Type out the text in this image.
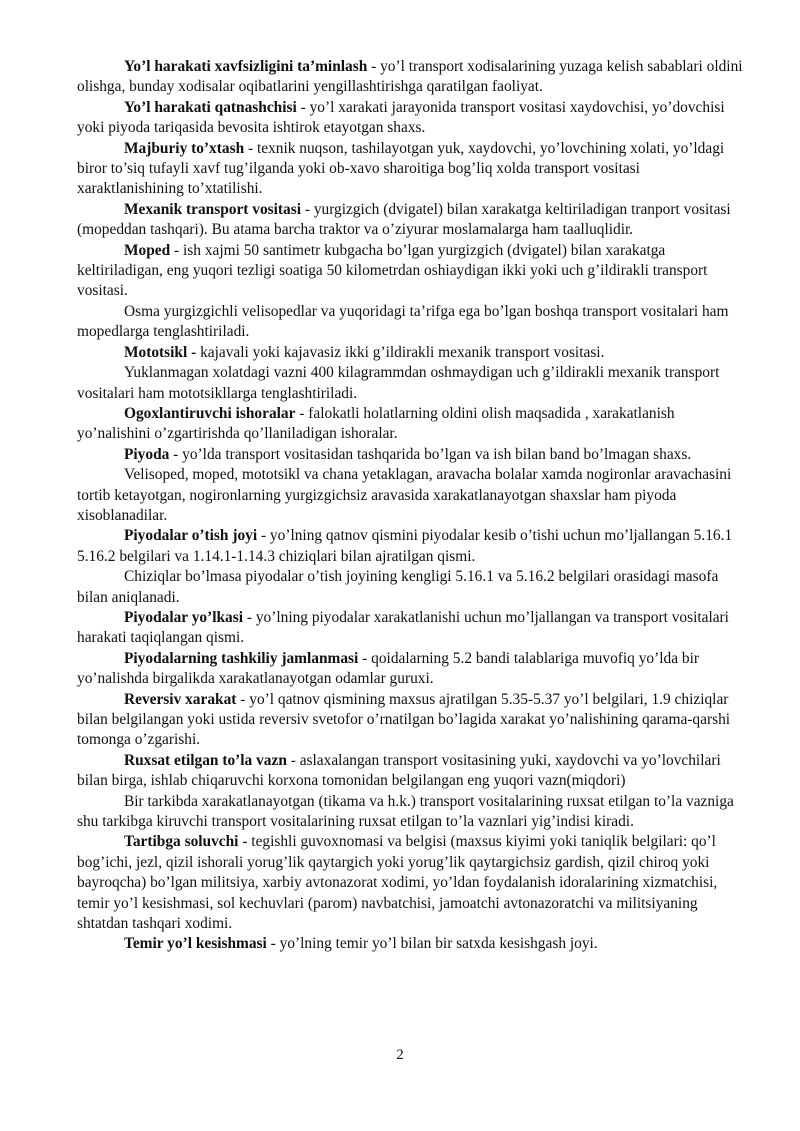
Yo’l harakati xavfsizligini ta’minlash - yo’l transport xodisalarining yuzaga kelish sabablari oldini olishga, bunday xodisalar oqibatlarini yengillashtirishga qaratilgan faoliyat.

Yo’l harakati qatnashchisi - yo’l xarakati jarayonida transport vositasi xaydovchisi, yo’dovchisi yoki piyoda tariqasida bevosita ishtirok etayotgan shaxs.

Majburiy to’xtash - texnik nuqson, tashilayotgan yuk, xaydovchi, yo’lovchining xolati, yo’ldagi biror to’siq tufayli xavf tug’ilganda yoki ob-xavo sharoitiga bog’liq xolda transport vositasi xaraktlanishining to’xtatilishi.

Mexanik transport vositasi - yurgizgich (dvigatel) bilan xarakatga keltiriladigan tranport vositasi (mopeddan tashqari). Bu atama barcha traktor va o’ziyurar moslamalarga ham taalluqlidir.

Moped - ish xajmi 50 santimetr kubgacha bo’lgan yurgizgich (dvigatel) bilan xarakatga keltiriladigan, eng yuqori tezligi soatiga 50 kilometrdan oshiaydigan ikki yoki uch g’ildirakli transport vositasi.

Osma yurgizgichli velisopedlar va yuqoridagi ta’rifga ega bo’lgan boshqa transport vositalari ham mopedlarga tenglashtiriladi.

Mototsikl - kajavali yoki kajavasiz ikki g’ildirakli mexanik transport vositasi.

Yuklanmagan xolatdagi vazni 400 kilagrammdan oshmaydigan uch g’ildirakli mexanik transport vositalari ham mototsikllarga tenglashtiriladi.

Ogoxlantiruvchi ishoralar - falokatli holatlarning oldini olish maqsadida , xarakatlanish yo’nalishini o’zgartirishda qo’llaniladigan ishoralar.

Piyoda - yo’lda transport vositasidan tashqarida bo’lgan va ish bilan band bo’lmagan shaxs.

Velisoped, moped, mototsikl va chana yetaklagan, aravacha bolalar xamda nogironlar aravachasini tortib ketayotgan, nogironlarning yurgizgichsiz aravasida xarakatlanayotgan shaxslar ham piyoda xisoblanadilar.

Piyodalar o’tish joyi - yo’lning qatnov qismini piyodalar kesib o’tishi uchun mo’ljallangan 5.16.1 5.16.2 belgilari va 1.14.1-1.14.3 chiziqlari bilan ajratilgan qismi.

Chiziqlar bo’lmasa piyodalar o’tish joyining kengligi 5.16.1 va 5.16.2 belgilari orasidagi masofa bilan aniqlanadi.

Piyodalar yo’lkasi - yo’lning piyodalar xarakatlanishi uchun mo’ljallangan va transport vositalari harakati taqiqlangan qismi.

Piyodalarning tashkiliy jamlanmasi - qoidalarning 5.2 bandi talablariga muvofiq yo’lda bir yo’nalishda birgalikda xarakatlanayotgan odamlar guruxi.

Reversiv xarakat - yo’l qatnov qismining maxsus ajratilgan 5.35-5.37 yo’l belgilari, 1.9 chiziqlar bilan belgilangan yoki ustida reversiv svetofor o’rnatilgan bo’lagida xarakat yo’nalishining qarama-qarshi tomonga o’zgarishi.

Ruxsat etilgan to’la vazn - aslaxalangan transport vositasining yuki, xaydovchi va yo’lovchilari bilan birga, ishlab chiqaruvchi korxona tomonidan belgilangan eng yuqori vazn(miqdori)

Bir tarkibda xarakatlanayotgan (tikama va h.k.) transport vositalarining ruxsat etilgan to’la vazniga shu tarkibga kiruvchi transport vositalarining ruxsat etilgan to’la vaznlari yig’indisi kiradi.

Tartibga soluvchi - tegishli guvoxnomasi va belgisi (maxsus kiyimi yoki taniqlik belgilari: qo’l bog’ichi, jezl, qizil ishorali yorug’lik qaytargich yoki yorug’lik qaytargichsiz gardish, qizil chiroq yoki bayroqcha) bo’lgan militsiya, xarbiy avtonazorat xodimi, yo’ldan foydalanish idoralarining xizmatchisi, temir yo’l kesishmasi, sol kechuvlari (parom) navbatchisi, jamoatchi avtonazoratchi va militsiyaning shtatdan tashqari xodimi.

Temir yo’l kesishmasi - yo’lning temir yo’l bilan bir satxda kesishgash joyi.

2
